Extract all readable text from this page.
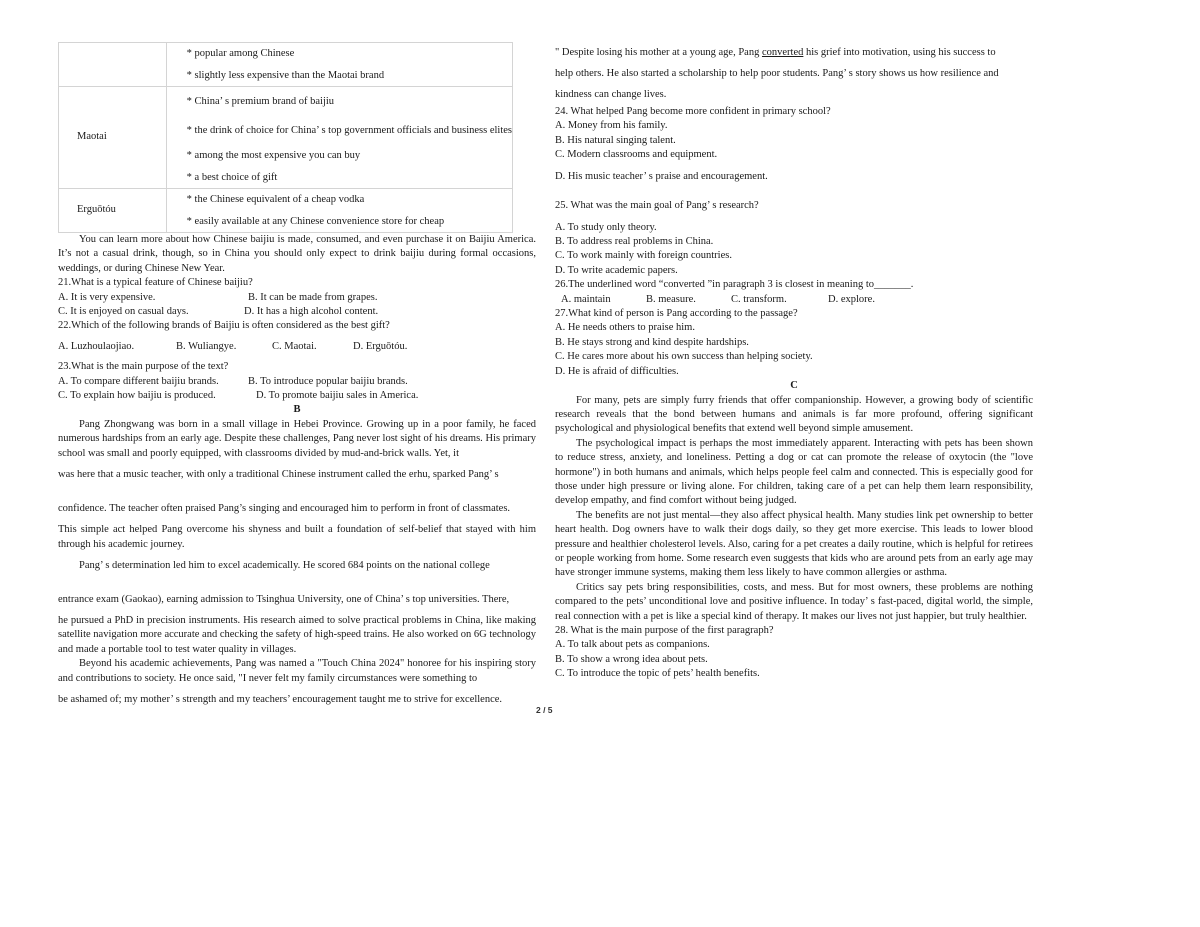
	* popular among Chinese
* slightly less expensive than the Maotai brand

Maotai	* China’ s premium brand of baijiu
* the drink of choice for China’ s top government officials and business elites
* among the most expensive you can buy
* a best choice of gift

Erguōtóu	* the Chinese equivalent of a cheap vodka
* easily available at any Chinese convenience store for cheap

You can learn more about how Chinese baijiu is made, consumed, and even purchase it on Baijiu America. It’s not a casual drink, though, so in China you should only expect to drink baijiu during formal occasions, weddings, or during Chinese New Year.

21.What is a typical feature of Chinese baijiu?
A. It is very expensive.	B. It can be made from grapes.
C. It is enjoyed on casual days.	D. It has a high alcohol content.
22.Which of the following brands of Baijiu is often considered as the best gift?
A. Luzhoulaojiao.	B. Wuliangye.	C. Maotai.	D. Erguōtóu.
23.What is the main purpose of the text?
A. To compare different baijiu brands.	B. To introduce popular baijiu brands.
C. To explain how baijiu is produced.	D. To promote baijiu sales in America.
B

Pang Zhongwang was born in a small village in Hebei Province. Growing up in a poor family, he faced numerous hardships from an early age. Despite these challenges, Pang never lost sight of his dreams. His primary school was small and poorly equipped, with classrooms divided by mud-and-brick walls. Yet, it

was here that a music teacher, with only a traditional Chinese instrument called the erhu, sparked Pang’ s

confidence. The teacher often praised Pang’s singing and encouraged him to perform in front of classmates.

This simple act helped Pang overcome his shyness and built a foundation of self-belief that stayed with him through his academic journey.

Pang’ s determination led him to excel academically. He scored 684 points on the national college

entrance exam (Gaokao), earning admission to Tsinghua University, one of China’ s top universities. There,

he pursued a PhD in precision instruments. His research aimed to solve practical problems in China, like making satellite navigation more accurate and checking the safety of high-speed trains. He also worked on 6G technology and made a portable tool to test water quality in villages.

Beyond his academic achievements, Pang was named a "Touch China 2024" honoree for his inspiring story and contributions to society. He once said, "I never felt my family circumstances were something to

be ashamed of; my mother’ s strength and my teachers’ encouragement taught me to strive for excellence.

" Despite losing his mother at a young age, Pang converted his grief into motivation, using his success to

help others. He also started a scholarship to help poor students. Pang’ s story shows us how resilience and

kindness can change lives.

24. What helped Pang become more confident in primary school?
A. Money from his family.
B. His natural singing talent.
C. Modern classrooms and equipment.
D. His music teacher’ s praise and encouragement.
25. What was the main goal of Pang’ s research?
A. To study only theory.
B. To address real problems in China.
C. To work mainly with foreign countries.
D. To write academic papers.
26.The underlined word “converted ”in paragraph 3 is closest in meaning to_______.
A. maintain	B. measure.	C. transform.	D. explore.
27.What kind of person is Pang according to the passage?
A. He needs others to praise him.
B. He stays strong and kind despite hardships.
C. He cares more about his own success than helping society.
D. He is afraid of difficulties.
C

For many, pets are simply furry friends that offer companionship. However, a growing body of scientific research reveals that the bond between humans and animals is far more profound, offering significant psychological and physiological benefits that extend well beyond simple amusement.

The psychological impact is perhaps the most immediately apparent. Interacting with pets has been shown to reduce stress, anxiety, and loneliness. Petting a dog or cat can promote the release of oxytocin (the "love hormone") in both humans and animals, which helps people feel calm and connected. This is especially good for those under high pressure or living alone. For children, taking care of a pet can help them learn responsibility, develop empathy, and find comfort without being judged.

The benefits are not just mental—they also affect physical health. Many studies link pet ownership to better heart health. Dog owners have to walk their dogs daily, so they get more exercise. This leads to lower blood pressure and healthier cholesterol levels. Also, caring for a pet creates a daily routine, which is helpful for retirees or people working from home. Some research even suggests that kids who are around pets from an early age may have stronger immune systems, making them less likely to have common allergies or asthma.

Critics say pets bring responsibilities, costs, and mess. But for most owners, these problems are nothing compared to the pets’ unconditional love and positive influence. In today’ s fast-paced, digital world, the simple, real connection with a pet is like a special kind of therapy. It makes our lives not just happier, but truly healthier.

28. What is the main purpose of the first paragraph?
A. To talk about pets as companions.
B. To show a wrong idea about pets.
C. To introduce the topic of pets’ health benefits.
2 / 5
